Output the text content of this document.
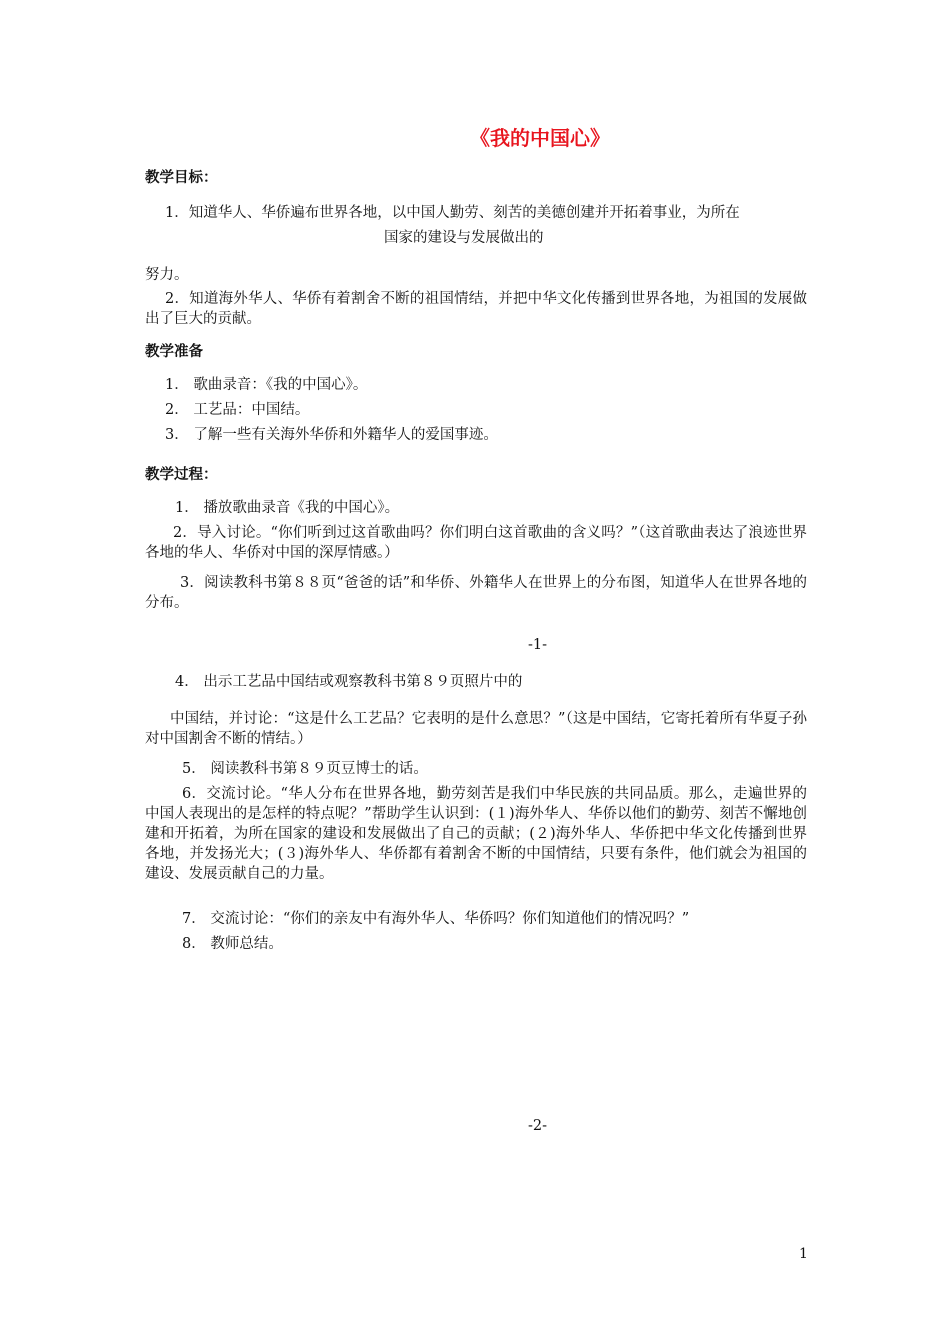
《我的中国心》
教学目标：
1．知道华人、华侨遍布世界各地，以中国人勤劳、刻苦的美德创建并开拓着事业，为所在
国家的建设与发展做出的
努力。
2．知道海外华人、华侨有着割舍不断的祖国情结，并把中华文化传播到世界各地，为祖国的发展做出了巨大的贡献。
教学准备
1． 歌曲录音：《我的中国心》。
2． 工艺品：中国结。
3． 了解一些有关海外华侨和外籍华人的爱国事迹。
教学过程：
1． 播放歌曲录音《我的中国心》。
2．导入讨论。“你们听到过这首歌曲吗？你们明白这首歌曲的含义吗？”（这首歌曲表达了浪迹世界各地的华人、华侨对中国的深厚情感。）
3．阅读教科书第８８页“爸爸的话”和华侨、外籍华人在世界上的分布图，知道华人在世界各地的分布。
-1-
4． 出示工艺品中国结或观察教科书第８９页照片中的
中国结，并讨论：“这是什么工艺品？它表明的是什么意思？”（这是中国结，它寄托着所有华夏子孙对中国割舍不断的情结。）
5． 阅读教科书第８９页豆博士的话。
6．交流讨论。“华人分布在世界各地，勤劳刻苦是我们中华民族的共同品质。那么，走遍世界的中国人表现出的是怎样的特点呢？”帮助学生认识到：(１)海外华人、华侨以他们的勤劳、刻苦不懈地创建和开拓着，为所在国家的建设和发展做出了自己的贡献；(２)海外华人、华侨把中华文化传播到世界各地，并发扬光大；(３)海外华人、华侨都有着割舍不断的中国情结，只要有条件，他们就会为祖国的建设、发展贡献自己的力量。
7． 交流讨论：“你们的亲友中有海外华人、华侨吗？你们知道他们的情况吗？”
8． 教师总结。
-2-
1
